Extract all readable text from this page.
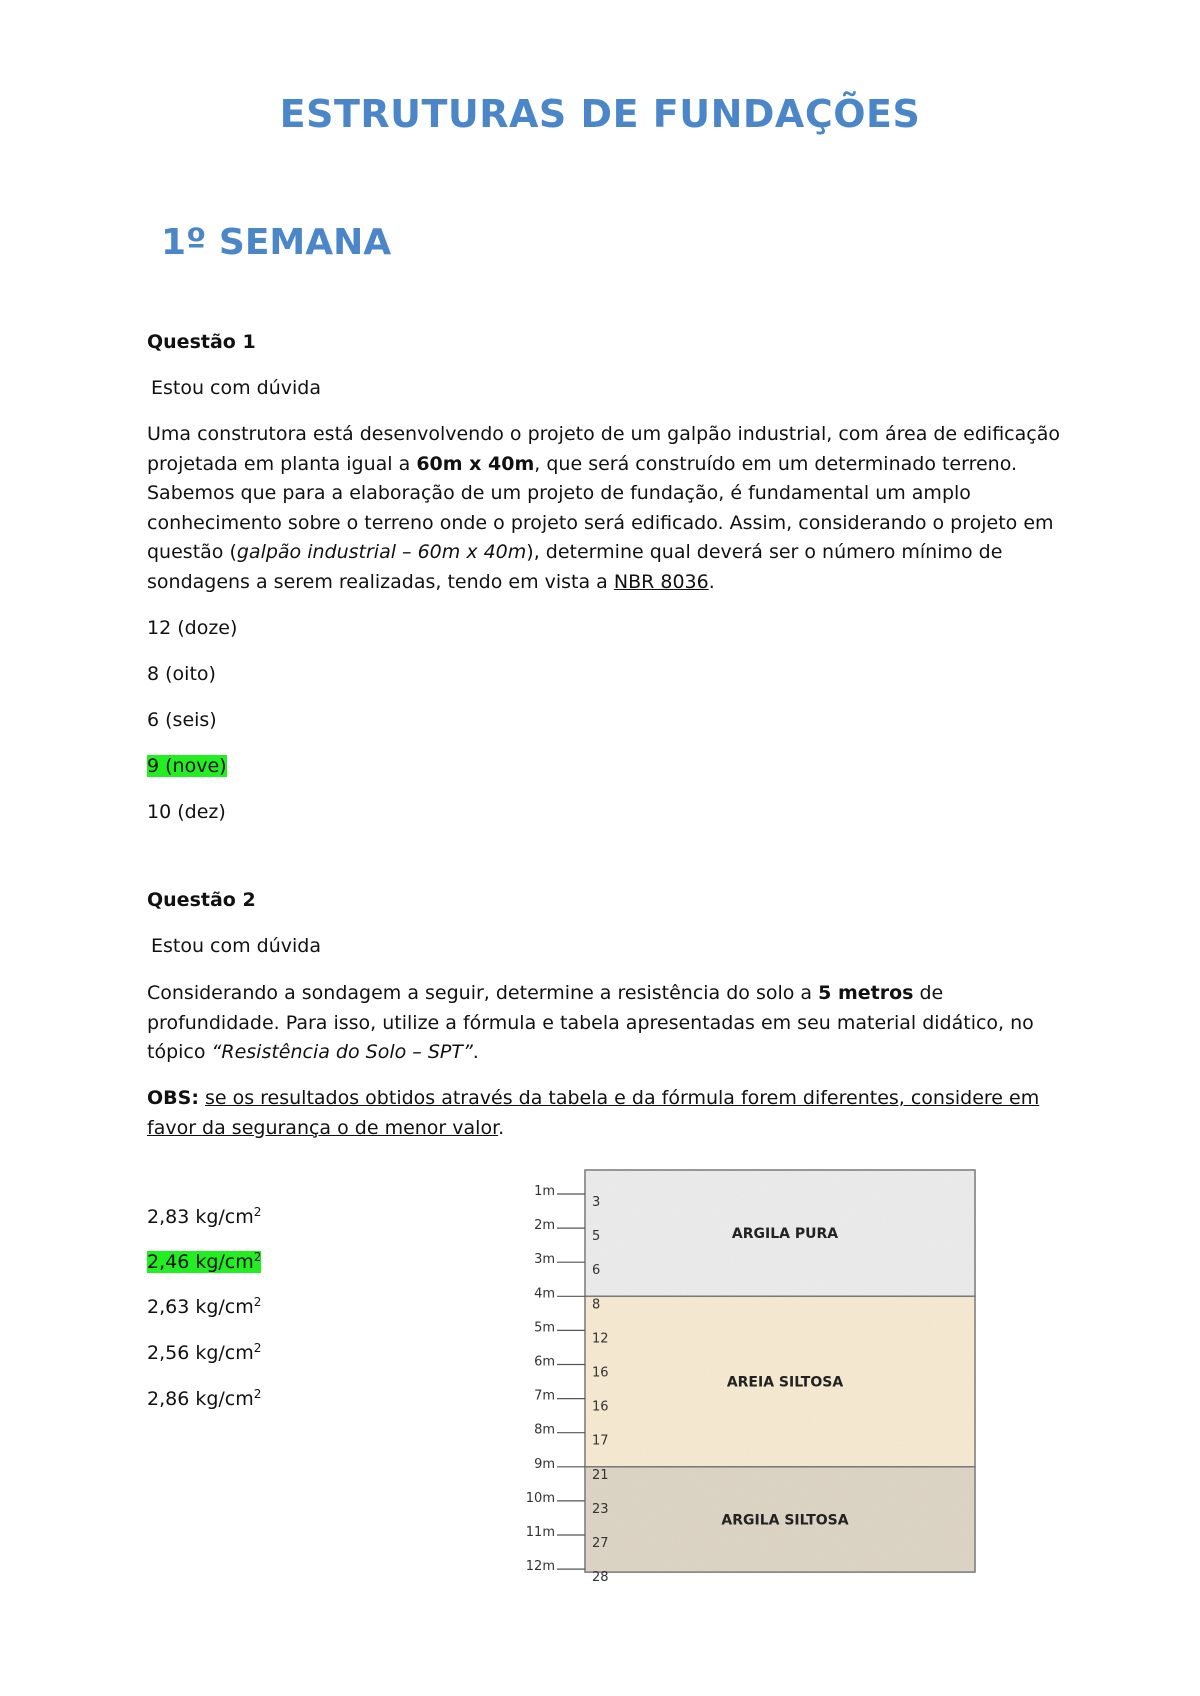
ESTRUTURAS DE FUNDAÇÕES
1º SEMANA
Questão 1
Estou com dúvida
Uma construtora está desenvolvendo o projeto de um galpão industrial, com área de edificação projetada em planta igual a 60m x 40m, que será construído em um determinado terreno. Sabemos que para a elaboração de um projeto de fundação, é fundamental um amplo conhecimento sobre o terreno onde o projeto será edificado. Assim, considerando o projeto em questão (galpão industrial – 60m x 40m), determine qual deverá ser o número mínimo de sondagens a serem realizadas, tendo em vista a NBR 8036.
12 (doze)
8 (oito)
6 (seis)
9 (nove)
10 (dez)
Questão 2
Estou com dúvida
Considerando a sondagem a seguir, determine a resistência do solo a 5 metros de profundidade. Para isso, utilize a fórmula e tabela apresentadas em seu material didático, no tópico “Resistência do Solo – SPT”.
OBS: se os resultados obtidos através da tabela e da fórmula forem diferentes, considere em favor da segurança o de menor valor.
2,83 $kg/cm^2$
2,46 $kg/cm^2$
2,63 $kg/cm^2$
2,56 $kg/cm^2$
2,86 $kg/cm^2$
ARGILA PURA
AREIA SILTOSA
ARGILA SILTOSA
1m
2m
3m
4m
5m
6m
7m
8m
9m
10m
11m
12m
3
5
6
8
12
16
16
17
21
23
27
28
